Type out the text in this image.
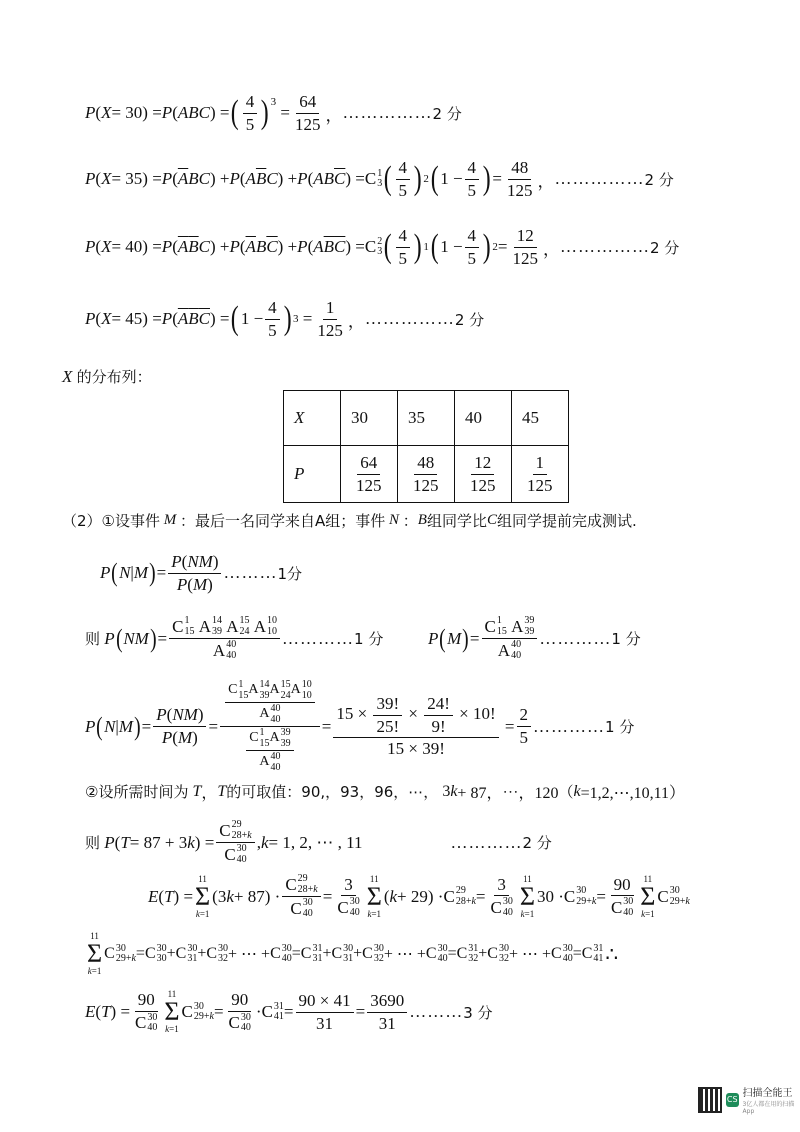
P ( X = 30) = P ( ABC ) = ( $\frac{4}{5} )^3$
= $\frac{64}{125}$ ， …………… 2 分
P ( X = 35) = P ( $\overline{A}$ BC ) + P ( A $\overline{B}$ C ) + P ( AB $\overline{C}$ ) = C 1
3 ( $\frac{4}{5}$ ) 2 ( $1 - \frac{4}{5}$ ) = $\frac{48}{125}$ ， …………… 2 分
P ( X = 40) = P ( $\overline{A}$ $\overline{B}$ C ) + P ( $\overline{A}$ B $\overline{C}$ ) + P ( A $\overline{B}$ $\overline{C}$ ) = C 2
3 ( $\frac{4}{5}$ ) 1 ( $1 - \frac{4}{5}$ ) $2 = \frac{12}{125}$ ， …………… 2 分
P ( X = 45) = P ( $\overline{A}$ $\overline{B}$ $\overline{C}$ ) = ( $1 - \frac{4}{5}$ ) $3 = \frac{1}{125}$ ， …………… 2 分
X
的分布列：
X	30	35	40	45
P	$\frac{64}{125}$	$\frac{48}{125}$	$\frac{12}{125}$	$\frac{1}{125}$
（2）①设事件 M ：最后一名同学来自A组；事件 N ： B 组同学比 C 组同学提前完成测试.
P ( N | M ) = $\frac{P(NM)}{P(M)}$ ……… 1分
则 P ( NM ) = C 1
15 A 14
39 A 15
24 A 10
10
A 40
40 ………… 1 分	P ( M ) = C 1
15 A 39
39
A 40
40 ………… 1 分
P ( N | M ) = $\frac{P(NM)}{P(M)} = C$ 1
15 A 14
39 A 15
24 A 10
10
A 40
40
C 1
15 A 39
39
A 40
$40 = \frac{15 \times \frac{39!}{25!} \times \frac{24!}{9!} \times 10!}{15 \times 39!} = \frac{2}{5}$ ………… 1 分
②设所需时间为 T ， T 的可取值：90,，93，96，⋯， 3 k + 87，⋯，120 （ k =1,2,⋯,10,11）
则 P ( T = 87 + 3 k ) = C 29
28+k
C 30
40 , k = 1, 2, ⋯ , 11	………… 2 分
E ( T ) =
11
Σ
k=1
(3 k + 87) · C 29
28+k
C 30
40 = 3
C 30
40 11
Σ
k=1
( k + 29) · C 29
28+k = 3
C 30
40 11
Σ
k=1
30 · C 30
29+k = 90
C 30
40 11
Σ
k=1
C 30
29+k
11
Σ
k=1
C 30
29+k = C 30
30 + C 30
31 + C 30
32 + ⋯ + C 30
40 = C 31
31 + C 30
31 + C 30
32 + ⋯ + C 30
40 = C 31
32 + C 30
32 + ⋯ + C 30
40 = C 31
41 ∴
E ( T ) = 90
C 30
40 11
Σ
k=1
C 30
29+k = 90
C 30
40 · C 31
$41 = \frac{90 \times 41}{31} = \frac{3690}{31}$ ……… 3 分
CS
扫描全能王
3亿人都在用的扫描App
